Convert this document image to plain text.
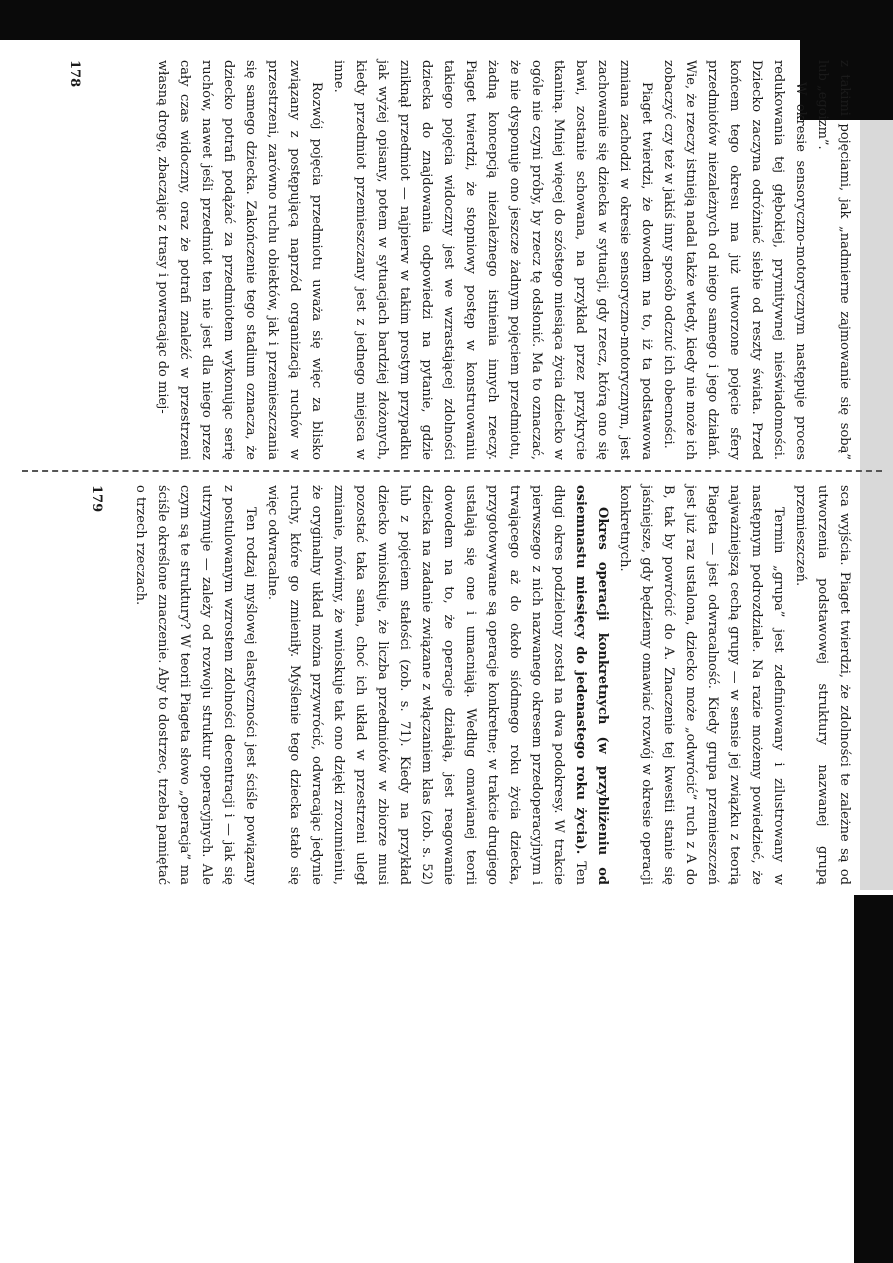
z takimi pojęciami, jak „nadmierne zajmowanie się sobą” lub „egoizm”.

W okresie sensoryczno-motorycznym następuje proces redukowania tej głębokiej, prymitywnej nieświadomości. Dziecko zaczyna odróżniać siebie od reszty świata. Przed końcem tego okresu ma już utworzone pojęcie sfery przedmiotów niezależnych od niego samego i jego działań. Wie, że rzeczy istnieją nadal także wtedy, kiedy nie może ich zobaczyć czy też w jakiś inny sposób odczuć ich obecności.

Piaget twierdzi, że dowodem na to, iż ta podstawowa zmiana zachodzi w okresie sensoryczno-motorycznym, jest zachowanie się dziecka w sytuacji, gdy rzecz, którą ono się bawi, zostanie schowana, na przykład przez przykrycie tkaniną. Mniej więcej do szóstego miesiąca życia dziecko w ogóle nie czyni próby, by rzecz tę odsłonić. Ma to oznaczać, że nie dysponuje ono jeszcze żadnym pojęciem przedmiotu, żadną koncepcją niezależnego istnienia innych rzeczy. Piaget twierdzi, że stopniowy postęp w konstruowaniu takiego pojęcia widoczny jest we wzrastającej zdolności dziecka do znajdowania odpowiedzi na pytanie, gdzie zniknął przedmiot — najpierw w takim prostym przypadku jak wyżej opisany, potem w sytuacjach bardziej złożonych, kiedy przedmiot przemieszczany jest z jednego miejsca w inne.

Rozwój pojęcia przedmiotu uważa się więc za blisko związany z postępującą naprzód organizacją ruchów w przestrzeni, zarówno ruchu obiektów, jak i przemieszczania się samego dziecka. Zakończenie tego stadium oznacza, że dziecko potrafi podążać za przedmiotem wykonując serię ruchów, nawet jeśli przedmiot ten nie jest dla niego przez cały czas widoczny, oraz że potrafi znaleźć w przestrzeni własną drogę, zbaczając z trasy i powracając do miej-

178

sca wyjścia. Piaget twierdzi, że zdolności te zależne są od utworzenia podstawowej struktury nazwanej grupą przemieszczeń.

Termin „grupa” jest zdefiniowany i zilustrowany w następnym podrozdziale. Na razie możemy powiedzieć, że najważniejszą cechą grupy — w sensie jej związku z teorią Piageta — jest odwracalność. Kiedy grupa przemieszczeń jest już raz ustalona, dziecko może „odwrócić” ruch z A do B, tak by powrócić do A. Znaczenie tej kwestii stanie się jaśniejsze, gdy będziemy omawiać rozwój w okresie operacji konkretnych.

Okres operacji konkretnych (w przybliżeniu od osiemnastu miesięcy do jedenastego roku życia). Ten długi okres podzielony został na dwa podokresy. W trakcie pierwszego z nich nazwanego okresem przedoperacyjnym i trwającego aż do około siódmego roku życia dziecka, przygotowywane są operacje konkretne; w trakcie drugiego ustalają się one i umacniają. Według omawianej teorii dowodem na to, że operacje działają, jest reagowanie dziecka na zadanie związane z włączaniem klas (zob. s. 52) lub z pojęciem stałości (zob. s. 71). Kiedy na przykład dziecko wnioskuje, że liczba przedmiotów w zbiorze musi pozostać taka sama, choć ich układ w przestrzeni uległ zmianie, mówimy, że wnioskuje tak ono dzięki zrozumieniu, że oryginalny układ można przywrócić, odwracając jedynie ruchy, które go zmieniły. Myślenie tego dziecka stało się więc odwracalne.

Ten rodzaj myślowej elastyczności jest ściśle powiązany z postulowanym wzrostem zdolności decentracji i — jak się utrzymuje — zależy od rozwoju struktur operacyjnych. Ale czym są te struktury? W teorii Piageta słowo „operacja” ma ściśle określone znaczenie. Aby to dostrzec, trzeba pamiętać o trzech rzeczach.

179
